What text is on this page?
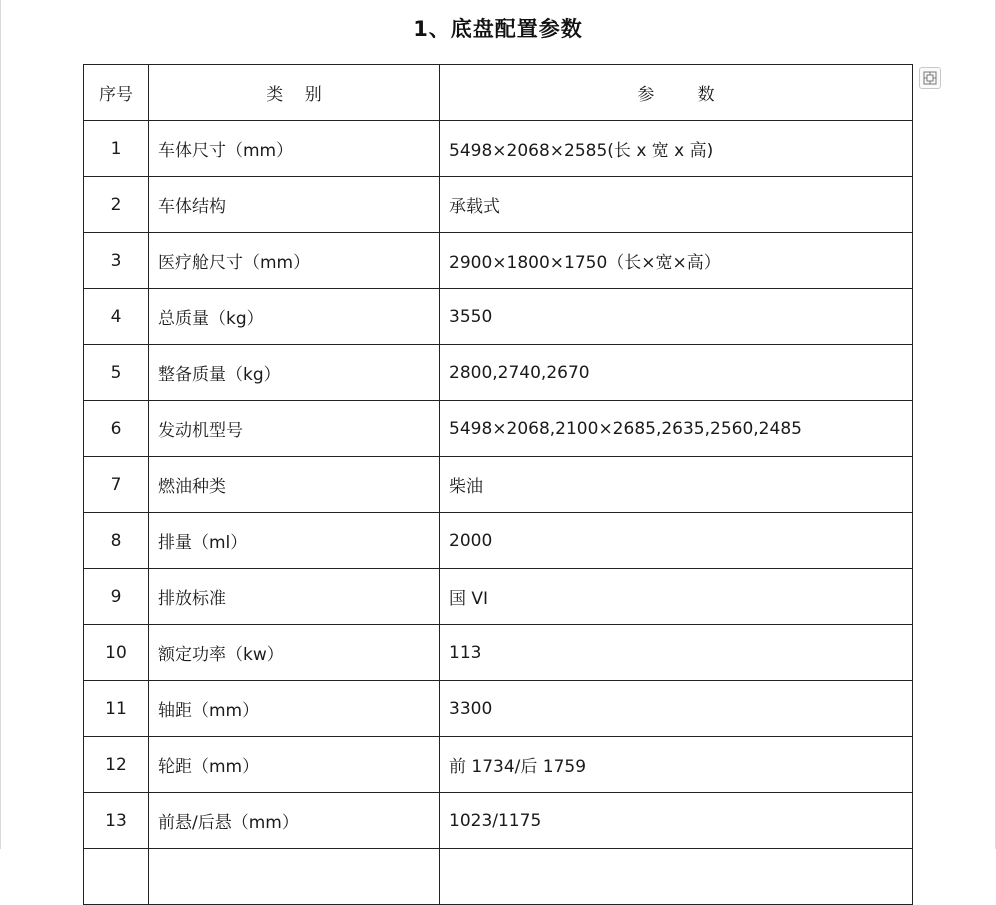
1、底盘配置参数
序号	类    别	参        数
1	车体尺寸（mm）	5498×2068×2585(长 x 宽 x 高)
2	车体结构	承载式
3	医疗舱尺寸（mm）	2900×1800×1750（长×宽×高）
4	总质量（kg）	3550
5	整备质量（kg）	2800,2740,2670
6	发动机型号	5498×2068,2100×2685,2635,2560,2485
7	燃油种类	柴油
8	排量（ml）	2000
9	排放标准	国 VI
10	额定功率（kw）	113
11	轴距（mm）	3300
12	轮距（mm）	前 1734/后 1759
13	前悬/后悬（mm）	1023/1175
